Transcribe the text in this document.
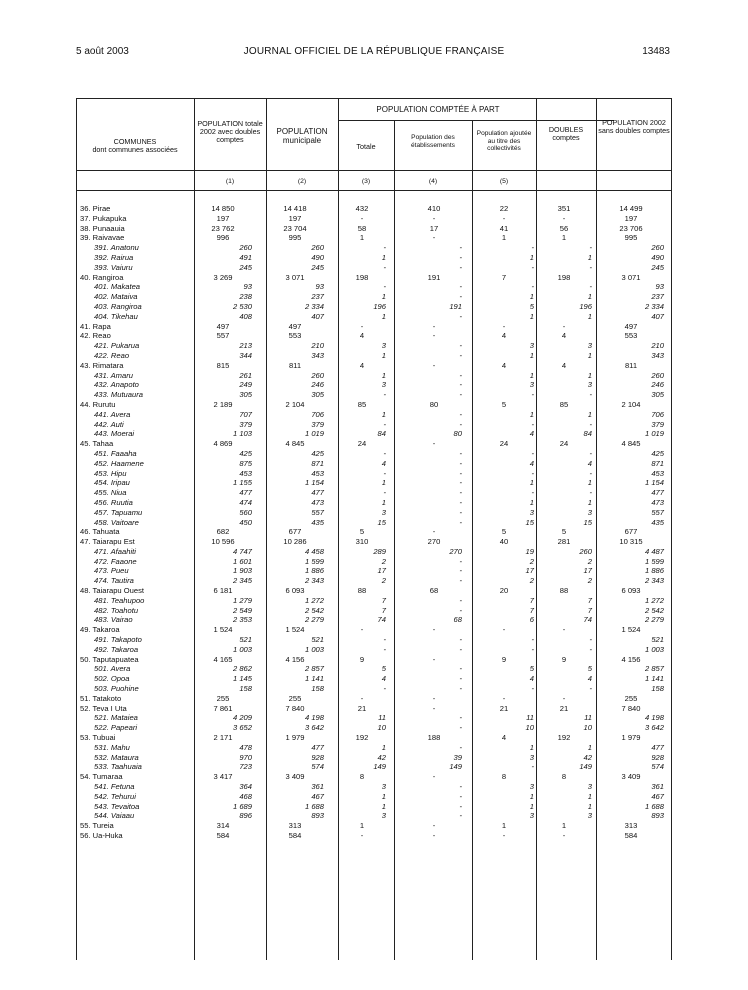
5 août 2003	JOURNAL OFFICIEL DE LA RÉPUBLIQUE FRANÇAISE	13483
COMMUNES
dont communes associées
POPULATION totale 2002 avec doubles comptes
POPULATION municipale
POPULATION COMPTÉE À PART
Totale
Population des établissements
Population ajoutée au titre des collectivités
DOUBLES comptes
POPULATION 2002 sans doubles comptes
(1)	(2)	(3)	(4)	(5)
36. Pirae	14 850	14 418	432	410	22	351	14 499
37. Pukapuka	197	197	-	-	-	-	197
38. Punaauia	23 762	23 704	58	17	41	56	23 706
39. Raivavae	996	995	1	-	1	1	995
391. Anatonu	260	260	-	-	-	-	260
392. Rairua	491	490	1	-	1	1	490
393. Vaiuru	245	245	-	-	-	-	245
40. Rangiroa	3 269	3 071	198	191	7	198	3 071
401. Makatea	93	93	-	-	-	-	93
402. Mataiva	238	237	1	-	1	1	237
403. Rangiroa	2 530	2 334	196	191	5	196	2 334
404. Tikehau	408	407	1	-	1	1	407
41. Rapa	497	497	-	-	-	-	497
42. Reao	557	553	4	-	4	4	553
421. Pukarua	213	210	3	-	3	3	210
422. Reao	344	343	1	-	1	1	343
43. Rimatara	815	811	4	-	4	4	811
431. Amaru	261	260	1	-	1	1	260
432. Anapoto	249	246	3	-	3	3	246
433. Mutuaura	305	305	-	-	-	-	305
44. Rurutu	2 189	2 104	85	80	5	85	2 104
441. Avera	707	706	1	-	1	1	706
442. Auti	379	379	-	-	-	-	379
443. Moerai	1 103	1 019	84	80	4	84	1 019
45. Tahaa	4 869	4 845	24	-	24	24	4 845
451. Faaaha	425	425	-	-	-	-	425
452. Haamene	875	871	4	-	4	4	871
453. Hipu	453	453	-	-	-	-	453
454. Iripau	1 155	1 154	1	-	1	1	1 154
455. Niua	477	477	-	-	-	-	477
456. Ruutia	474	473	1	-	1	1	473
457. Tapuamu	560	557	3	-	3	3	557
458. Vaitoare	450	435	15	-	15	15	435
46. Tahuata	682	677	5	-	5	5	677
47. Taiarapu Est	10 596	10 286	310	270	40	281	10 315
471. Afaahiti	4 747	4 458	289	270	19	260	4 487
472. Faaone	1 601	1 599	2	-	2	2	1 599
473. Pueu	1 903	1 886	17	-	17	17	1 886
474. Tautira	2 345	2 343	2	-	2	2	2 343
48. Taiarapu Ouest	6 181	6 093	88	68	20	88	6 093
481. Teahupoo	1 279	1 272	7	-	7	7	1 272
482. Toahotu	2 549	2 542	7	-	7	7	2 542
483. Vairao	2 353	2 279	74	68	6	74	2 279
49. Takaroa	1 524	1 524	-	-	-	-	1 524
491. Takapoto	521	521	-	-	-	-	521
492. Takaroa	1 003	1 003	-	-	-	-	1 003
50. Taputapuatea	4 165	4 156	9	-	9	9	4 156
501. Avera	2 862	2 857	5	-	5	5	2 857
502. Opoa	1 145	1 141	4	-	4	4	1 141
503. Puohine	158	158	-	-	-	-	158
51. Tatakoto	255	255	-	-	-	-	255
52. Teva I Uta	7 861	7 840	21	-	21	21	7 840
521. Mataiea	4 209	4 198	11	-	11	11	4 198
522. Papeari	3 652	3 642	10	-	10	10	3 642
53. Tubuai	2 171	1 979	192	188	4	192	1 979
531. Mahu	478	477	1	-	1	1	477
532. Mataura	970	928	42	39	3	42	928
533. Taahuaia	723	574	149	149	-	149	574
54. Tumaraa	3 417	3 409	8	-	8	8	3 409
541. Fetuna	364	361	3	-	3	3	361
542. Tehurui	468	467	1	-	1	1	467
543. Tevaitoa	1 689	1 688	1	-	1	1	1 688
544. Vaiaau	896	893	3	-	3	3	893
55. Tureia	314	313	1	-	1	1	313
56. Ua-Huka	584	584	-	-	-	-	584
